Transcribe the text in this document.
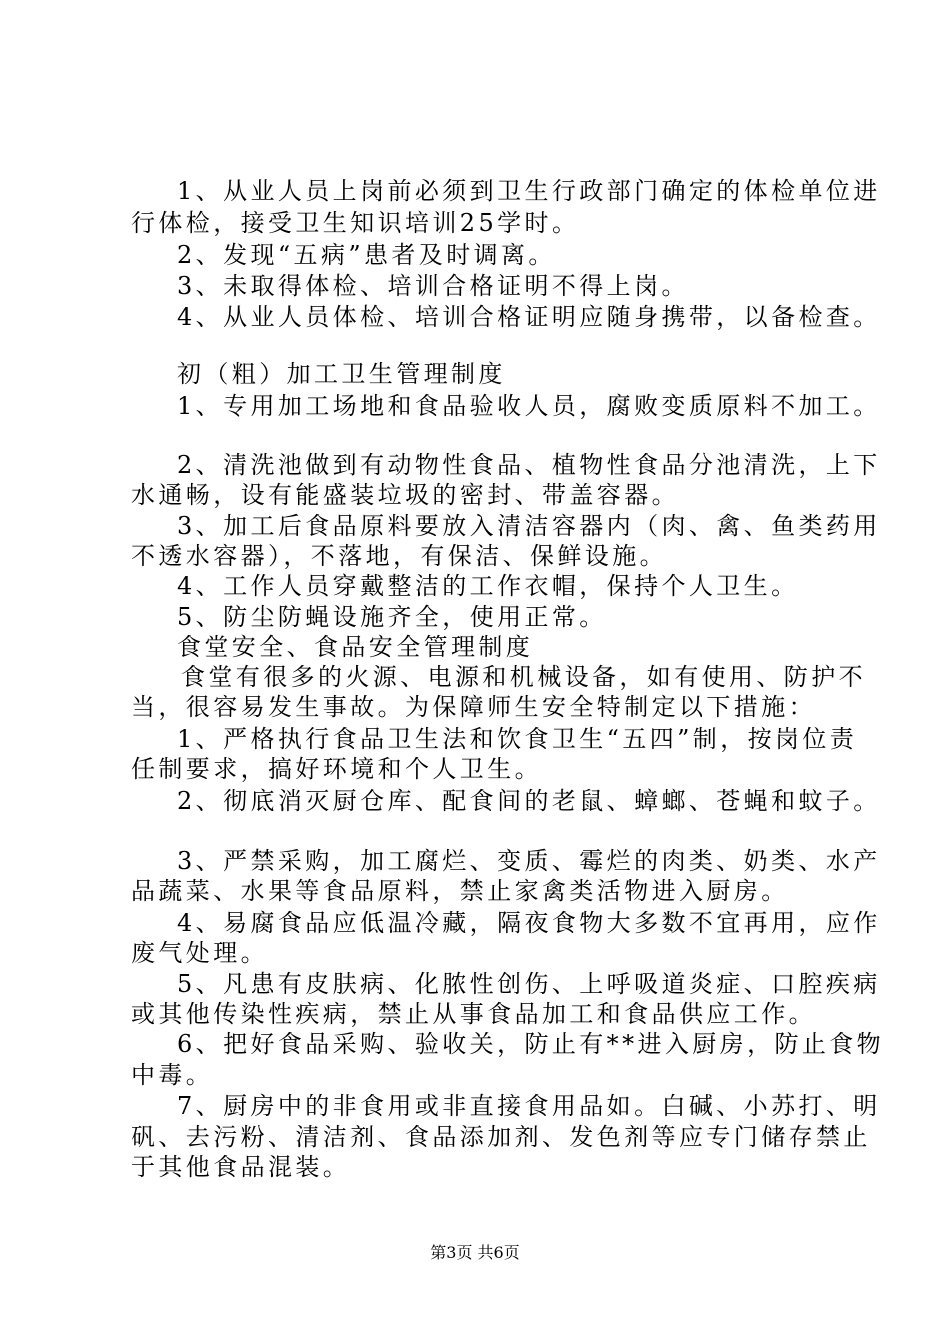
1、从业人员上岗前必须到卫生行政部门确定的体检单位进
行体检，接受卫生知识培训25学时。
2、发现“五病”患者及时调离。
3、未取得体检、培训合格证明不得上岗。
4、从业人员体检、培训合格证明应随身携带，以备检查。
初（粗）加工卫生管理制度
1、专用加工场地和食品验收人员，腐败变质原料不加工。
2、清洗池做到有动物性食品、植物性食品分池清洗，上下
水通畅，设有能盛装垃圾的密封、带盖容器。
3、加工后食品原料要放入清洁容器内（肉、禽、鱼类药用
不透水容器），不落地，有保洁、保鲜设施。
4、工作人员穿戴整洁的工作衣帽，保持个人卫生。
5、防尘防蝇设施齐全，使用正常。
食堂安全、食品安全管理制度
食堂有很多的火源、电源和机械设备，如有使用、防护不
当，很容易发生事故。为保障师生安全特制定以下措施：
1、严格执行食品卫生法和饮食卫生“五四”制，按岗位责
任制要求，搞好环境和个人卫生。
2、彻底消灭厨仓库、配食间的老鼠、蟑螂、苍蝇和蚊子。
3、严禁采购，加工腐烂、变质、霉烂的肉类、奶类、水产
品蔬菜、水果等食品原料，禁止家禽类活物进入厨房。
4、易腐食品应低温冷藏，隔夜食物大多数不宜再用，应作
废气处理。
5、凡患有皮肤病、化脓性创伤、上呼吸道炎症、口腔疾病
或其他传染性疾病，禁止从事食品加工和食品供应工作。
6、把好食品采购、验收关，防止有**进入厨房，防止食物
中毒。
7、厨房中的非食用或非直接食用品如。白碱、小苏打、明
矾、去污粉、清洁剂、食品添加剂、发色剂等应专门储存禁止
于其他食品混装。
第3页 共6页
